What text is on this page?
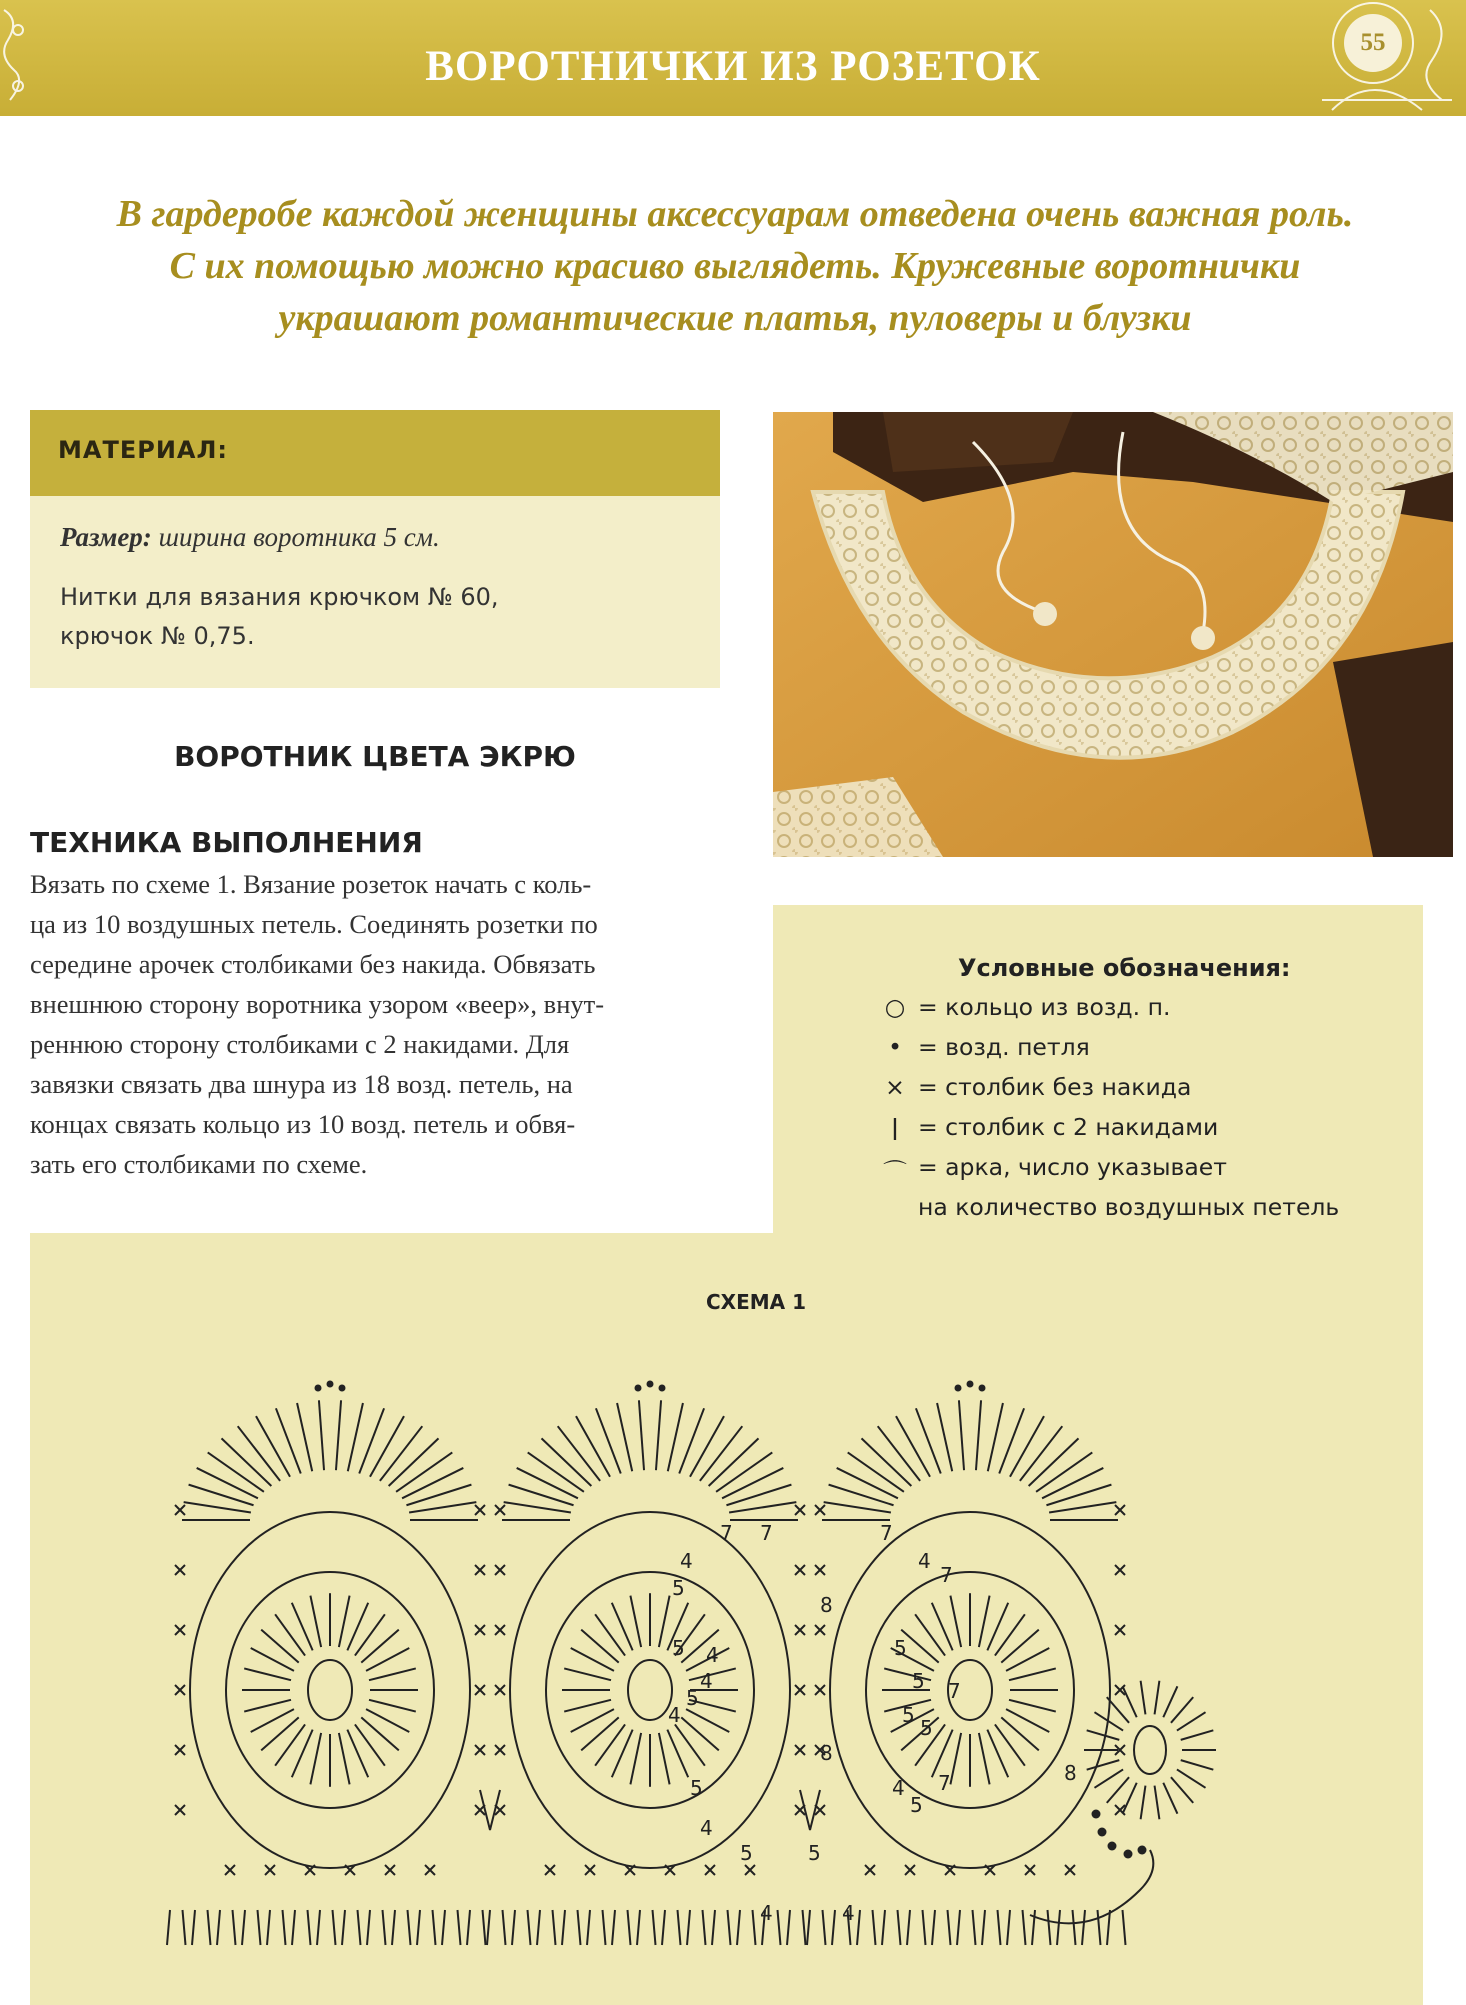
ВОРОТНИЧКИ ИЗ РОЗЕТОК
55
В гардеробе каждой женщины аксессуарам отведена очень важная роль.
С их помощью можно красиво выглядеть. Кружевные воротнички
украшают романтические платья, пуловеры и блузки
МАТЕРИАЛ:
Размер: ширина воротника 5 см.
Нитки для вязания крючком № 60,
крючок № 0,75.
ВОРОТНИК ЦВЕТА ЭКРЮ
ТЕХНИКА ВЫПОЛНЕНИЯ
Вязать по схеме 1. Вязание розеток начать с коль-
ца из 10 воздушных петель. Соединять розетки по
середине арочек столбиками без накида. Обвязать
внешнюю сторону воротника узором «веер», внут-
реннюю сторону столбиками с 2 накидами. Для
завязки связать два шнура из 18 возд. петель, на
концах связать кольцо из 10 возд. петель и обвя-
зать его столбиками по схеме.
Условные обозначения:
○ = кольцо из возд. п.
• = возд. петля
× = столбик без накида
ǀ = столбик с 2 накидами
⌒ = арка, число указывает
на количество воздушных петель
СХЕМА 1
4
4
5
5
4
5
8
8
7	7
7
4
5
7
5
5
4
5
7
5
4
5
4
5
7
4
5
4
8
